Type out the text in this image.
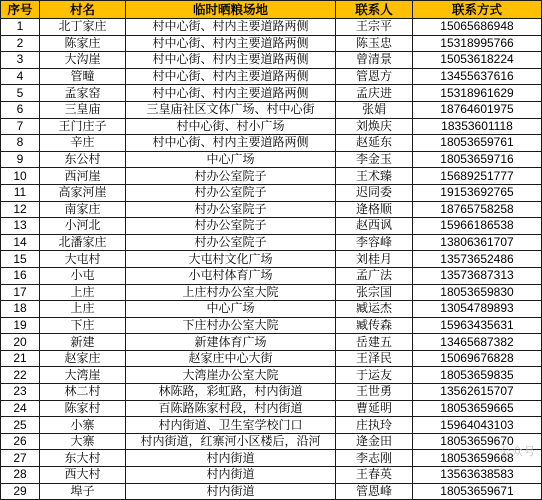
序号	村名	临时晒粮场地	联系人	联系方式
1	北丁家庄	村中心街、村内主要道路两侧	王宗平	15065686948
2	陈家庄	村中心街、村内主要道路两侧	陈玉忠	15318995766
3	大沟崖	村中心街、村内主要道路两侧	曾清景	15053618224
4	管疃	村中心街、村内主要道路两侧	管恩方	13455637616
5	孟家窑	村中心街、村内主要道路两侧	孟庆进	15318961629
6	三皇庙	三皇庙社区文体广场、村中心街	张娟	18764601975
7	王门庄子	村中心街、村小广场	刘焕庆	18353601118
8	辛庄	村中心街、村内主要道路两侧	赵延东	18053659761
9	东公村	中心广场	李金玉	18053659716
10	西河崖	村办公室院子	王术臻	15689251777
11	高家河崖	村办公室院子	迟同委	19153692765
12	南家庄	村办公室院子	逄格顺	18765758258
13	小河北	村办公室院子	赵西讽	15966186538
14	北潘家庄	村办公室院子	李容峰	13806361707
15	大屯村	大屯村文化广场	刘桂月	13573652486
16	小屯	小屯村体育广场	孟广法	13573687313
17	上庄	上庄村办公室大院	张宗国	18053659830
18	上庄	中心广场	臧运杰	13054789893
19	下庄	下庄村办公室大院	臧传森	15963435631
20	新建	新建体育广场	岳建五	13465687382
21	赵家庄	赵家庄中心大街	王泽民	15069676828
22	大湾崖	大湾崖办公室大院	于运友	18053659835
23	林二村	林陈路，彩虹路，村内街道	王世勇	13562615707
24	陈家村	百陈路陈家村段，村内街道	曹延明	18053659665
25	小寨	村内街道、卫生室学校门口	庄执玲	15964043103
26	大寨	村内街道，红寨河小区楼后，沿河	逄金田	18053659670
27	东大村	村内街道	李志刚	18053659668
28	西大村	村内街道	王春英	13563638583
29	埠子	村内街道	管恩峰	18053659671
公众号
